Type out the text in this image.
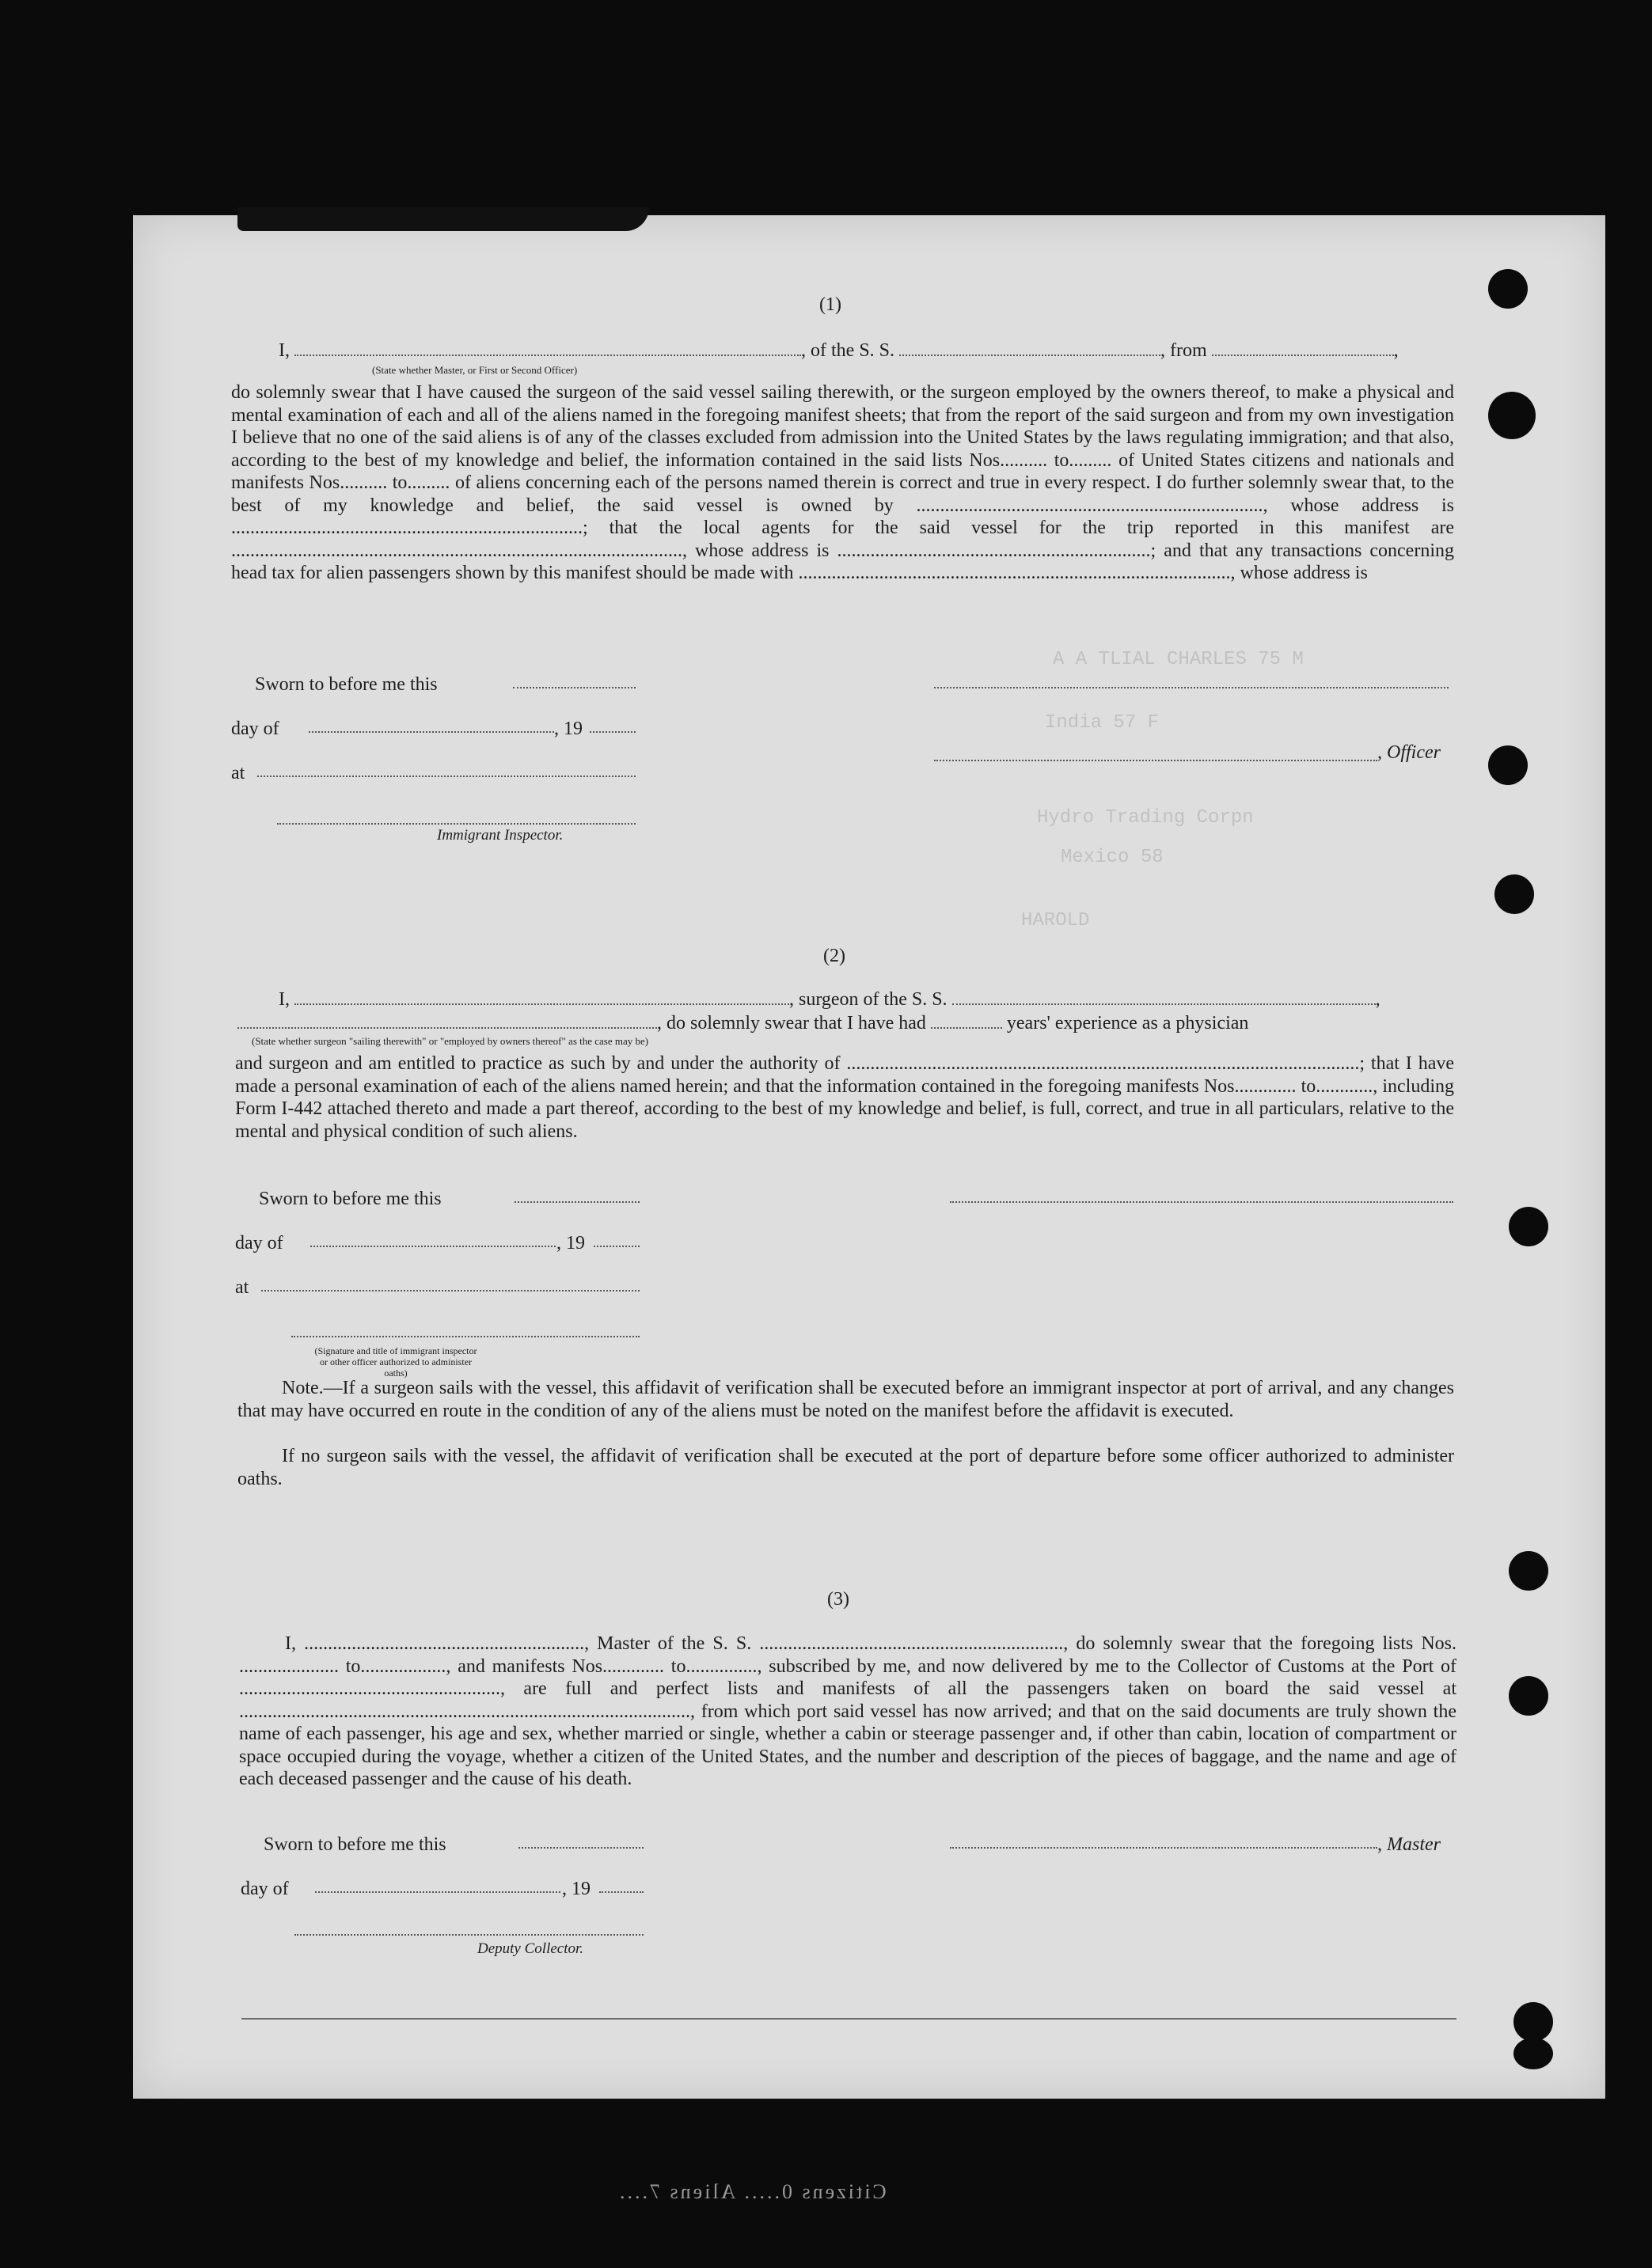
A A TLIAL CHARLES 75 M
India 57 F
Hydro Trading Corpn
Mexico 58
HAROLD
(1)
I,	, of the S. S.	, from	,
(State whether Master, or First or Second Officer)
do solemnly swear that I have caused the surgeon of the said vessel sailing therewith, or the surgeon employed by the owners thereof, to make a physical and mental examination of each and all of the aliens named in the foregoing manifest sheets; that from the report of the said surgeon and from my own investigation I believe that no one of the said aliens is of any of the classes excluded from admission into the United States by the laws regulating immigration; and that also, according to the best of my knowledge and belief, the information contained in the said lists Nos.......... to......... of United States citizens and nationals and manifests Nos.......... to......... of aliens concerning each of the persons named therein is correct and true in every respect. I do further solemnly swear that, to the best of my knowledge and belief, the said vessel is owned by ........................................................................., whose address is ..........................................................................; that the local agents for the said vessel for the trip reported in this manifest are ..............................................................................................., whose address is ..................................................................; and that any transactions concerning head tax for alien passengers shown by this manifest should be made with ..........................................................................................., whose address is
Sworn to before me this
day of	, 19
at
Immigrant Inspector.
, Officer
(2)
I,	, surgeon of the S. S.	,
, do solemnly swear that I have had	years' experience as a physician
(State whether surgeon "sailing therewith" or "employed by owners thereof" as the case may be)
and surgeon and am entitled to practice as such by and under the authority of ............................................................................................................; that I have made a personal examination of each of the aliens named herein; and that the information contained in the foregoing manifests Nos............. to............, including Form I-442 attached thereto and made a part thereof, according to the best of my knowledge and belief, is full, correct, and true in all particulars, relative to the mental and physical condition of such aliens.
Sworn to before me this
day of	, 19
at
(Signature and title of immigrant inspector or other officer authorized to administer oaths)
Note.—If a surgeon sails with the vessel, this affidavit of verification shall be executed before an immigrant inspector at port of arrival, and any changes that may have occurred en route in the condition of any of the aliens must be noted on the manifest before the affidavit is executed.
If no surgeon sails with the vessel, the affidavit of verification shall be executed at the port of departure before some officer authorized to administer oaths.
(3)
I, ..........................................................., Master of the S. S. ................................................................, do solemnly swear that the foregoing lists Nos. ..................... to.................., and manifests Nos............. to..............., subscribed by me, and now delivered by me to the Collector of Customs at the Port of ......................................................., are full and perfect lists and manifests of all the passengers taken on board the said vessel at ..............................................................................................., from which port said vessel has now arrived; and that on the said documents are truly shown the name of each passenger, his age and sex, whether married or single, whether a cabin or steerage passenger and, if other than cabin, location of compartment or space occupied during the voyage, whether a citizen of the United States, and the number and description of the pieces of baggage, and the name and age of each deceased passenger and the cause of his death.
Sworn to before me this	, Master
day of	, 19
Deputy Collector.
Citizens 0..... Aliens 7....
